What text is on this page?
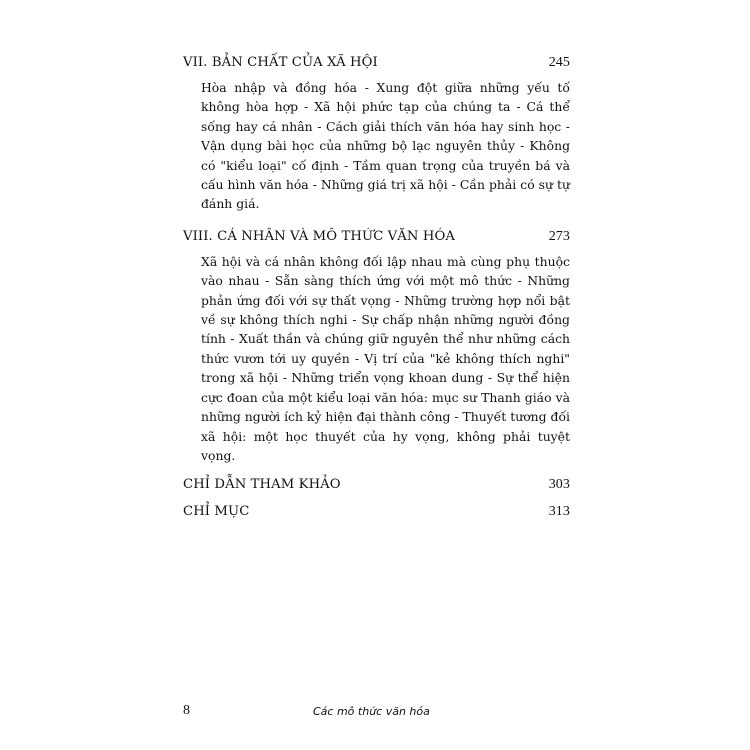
VII. BẢN CHẤT CỦA XÃ HỘI	245

Hòa nhập và đồng hóa - Xung đột giữa những yếu tố không hòa hợp - Xã hội phức tạp của chúng ta - Cá thể sống hay cá nhân - Cách giải thích văn hóa hay sinh học - Vận dụng bài học của những bộ lạc nguyên thủy - Không có "kiểu loại" cố định - Tầm quan trọng của truyền bá và cấu hình văn hóa - Những giá trị xã hội - Cần phải có sự tự đánh giá.

VIII. CÁ NHÂN VÀ MÔ THỨC VĂN HÓA	273

Xã hội và cá nhân không đối lập nhau mà cùng phụ thuộc vào nhau - Sẵn sàng thích ứng với một mô thức - Những phản ứng đối với sự thất vọng - Những trường hợp nổi bật về sự không thích nghi - Sự chấp nhận những người đồng tính - Xuất thần và chúng giữ nguyên thể như những cách thức vươn tới uy quyền - Vị trí của "kẻ không thích nghi" trong xã hội - Những triển vọng khoan dung - Sự thể hiện cực đoan của một kiểu loại văn hóa: mục sư Thanh giáo và những người ích kỷ hiện đại thành công - Thuyết tương đối xã hội: một học thuyết của hy vọng, không phải tuyệt vọng.

CHỈ DẪN THAM KHẢO	303
CHỈ MỤC	313
8	Các mô thức văn hóa
